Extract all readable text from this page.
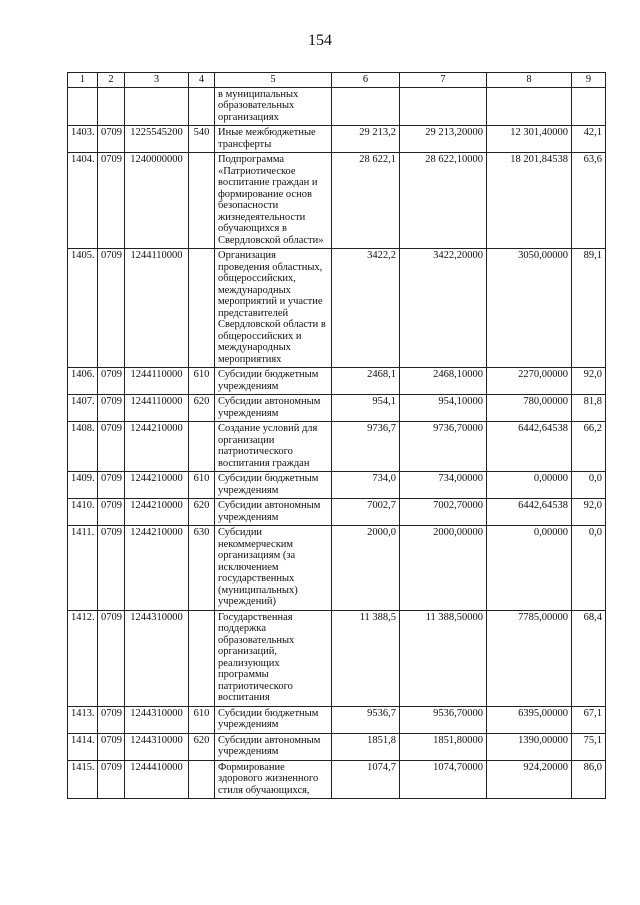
154
1	2	3	4	5	6	7	8	9
				в муниципальных образовательных организациях				
1403.	0709	1225545200	540	Иные межбюджетные трансферты	29 213,2	29 213,20000	12 301,40000	42,1
1404.	0709	1240000000		Подпрограмма «Патриотическое воспитание граждан и формирование основ безопасности жизнедеятельности обучающихся в Свердловской области»	28 622,1	28 622,10000	18 201,84538	63,6
1405.	0709	1244110000		Организация проведения областных, общероссийских, международных мероприятий и участие представителей Свердловской области в общероссийских и международных мероприятиях	3422,2	3422,20000	3050,00000	89,1
1406.	0709	1244110000	610	Субсидии бюджетным учреждениям	2468,1	2468,10000	2270,00000	92,0
1407.	0709	1244110000	620	Субсидии автономным учреждениям	954,1	954,10000	780,00000	81,8
1408.	0709	1244210000		Создание условий для организации патриотического воспитания граждан	9736,7	9736,70000	6442,64538	66,2
1409.	0709	1244210000	610	Субсидии бюджетным учреждениям	734,0	734,00000	0,00000	0,0
1410.	0709	1244210000	620	Субсидии автономным учреждениям	7002,7	7002,70000	6442,64538	92,0
1411.	0709	1244210000	630	Субсидии некоммерческим организациям (за исключением государственных (муниципальных) учреждений)	2000,0	2000,00000	0,00000	0,0
1412.	0709	1244310000		Государственная поддержка образовательных организаций, реализующих программы патриотического воспитания	11 388,5	11 388,50000	7785,00000	68,4
1413.	0709	1244310000	610	Субсидии бюджетным учреждениям	9536,7	9536,70000	6395,00000	67,1
1414.	0709	1244310000	620	Субсидии автономным учреждениям	1851,8	1851,80000	1390,00000	75,1
1415.	0709	1244410000		Формирование здорового жизненного стиля обучающихся,	1074,7	1074,70000	924,20000	86,0
